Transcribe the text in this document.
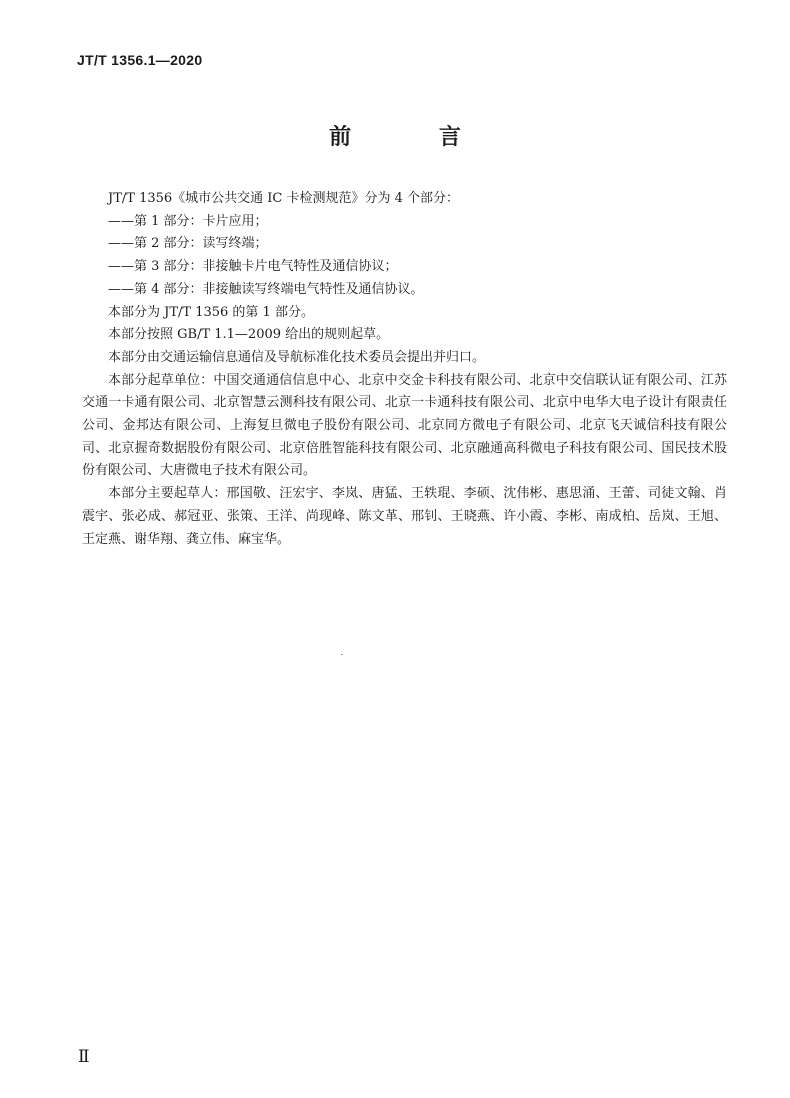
JT/T 1356.1—2020
前 言

JT/T 1356《城市公共交通 IC 卡检测规范》分为 4 个部分：

——第 1 部分：卡片应用；

——第 2 部分：读写终端；

——第 3 部分：非接触卡片电气特性及通信协议；

——第 4 部分：非接触读写终端电气特性及通信协议。

本部分为 JT/T 1356 的第 1 部分。

本部分按照 GB/T 1.1—2009 给出的规则起草。

本部分由交通运输信息通信及导航标准化技术委员会提出并归口。

本部分起草单位：中国交通通信信息中心、北京中交金卡科技有限公司、北京中交信联认证有限公司、江苏交通一卡通有限公司、北京智慧云测科技有限公司、北京一卡通科技有限公司、北京中电华大电子设计有限责任公司、金邦达有限公司、上海复旦微电子股份有限公司、北京同方微电子有限公司、北京飞天诚信科技有限公司、北京握奇数据股份有限公司、北京倍胜智能科技有限公司、北京融通高科微电子科技有限公司、国民技术股份有限公司、大唐微电子技术有限公司。

本部分主要起草人：邢国敬、汪宏宇、李岚、唐猛、王轶琨、李硕、沈伟彬、惠思涌、王蕾、司徒文翰、肖震宇、张必成、郝冠亚、张策、王洋、尚现峰、陈文革、邢钊、王晓燕、许小霞、李彬、南成柏、岳岚、王旭、王定燕、谢华翔、龚立伟、麻宝华。

Ⅱ
